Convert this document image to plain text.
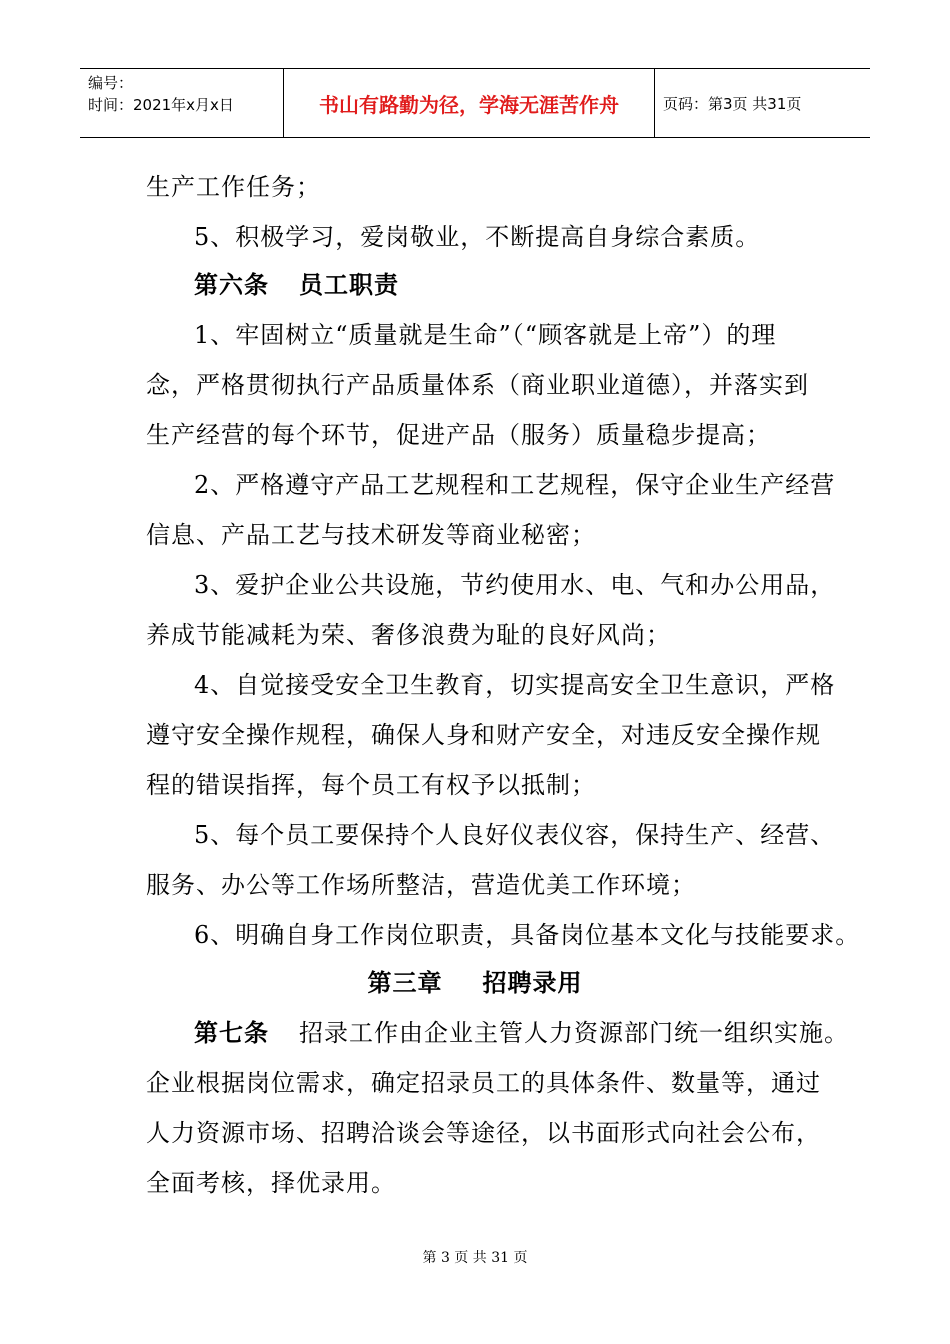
编号：
时间：2021年x月x日	书山有路勤为径，学海无涯苦作舟	页码：第3页 共31页
生产工作任务；
5、积极学习，爱岗敬业，不断提高自身综合素质。
第六条 员工职责
1、牢固树立“质量就是生命”（“顾客就是上帝”）的理
念，严格贯彻执行产品质量体系（商业职业道德），并落实到
生产经营的每个环节，促进产品（服务）质量稳步提高；
2、严格遵守产品工艺规程和工艺规程，保守企业生产经营
信息、产品工艺与技术研发等商业秘密；
3、爱护企业公共设施，节约使用水、电、气和办公用品，
养成节能减耗为荣、奢侈浪费为耻的良好风尚；
4、自觉接受安全卫生教育，切实提高安全卫生意识，严格
遵守安全操作规程，确保人身和财产安全，对违反安全操作规
程的错误指挥，每个员工有权予以抵制；
5、每个员工要保持个人良好仪表仪容，保持生产、经营、
服务、办公等工作场所整洁，营造优美工作环境；
6、明确自身工作岗位职责，具备岗位基本文化与技能要求。
第三章 招聘录用
第七条 招录工作由企业主管人力资源部门统一组织实施。
企业根据岗位需求，确定招录员工的具体条件、数量等，通过
人力资源市场、招聘洽谈会等途径，以书面形式向社会公布，
全面考核，择优录用。
第 3 页 共 31 页
